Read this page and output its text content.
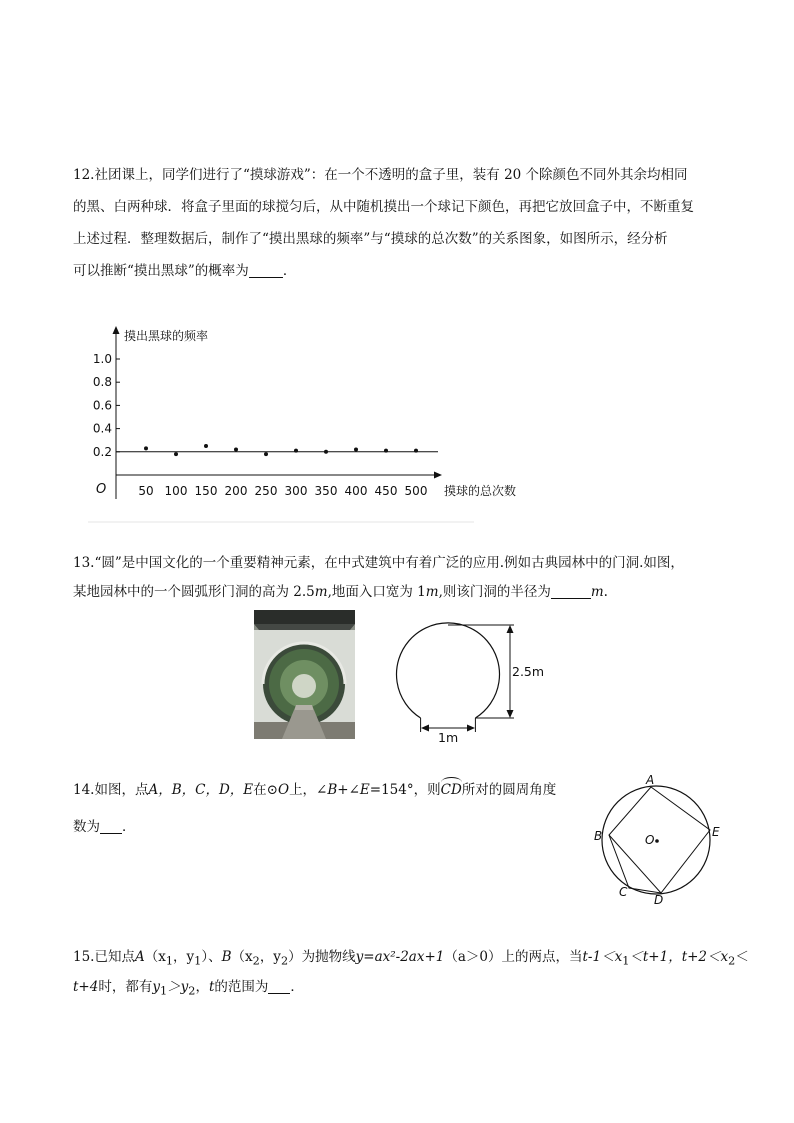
12.社团课上，同学们进行了“摸球游戏”：在一个不透明的盒子里，装有 20 个除颜色不同外其余均相同
的黑、白两种球．将盒子里面的球搅匀后，从中随机摸出一个球记下颜色，再把它放回盒子中，不断重复
上述过程．整理数据后，制作了“摸出黑球的频率”与“摸球的总次数”的关系图象，如图所示，经分析
可以推断“摸出黑球”的概率为	．
摸出黑球的频率
摸球的总次数
O
0.2
0.4
0.6
0.8
1.0
50 100 150 200 250 300 350 400 450 500
13.“圆”是中国文化的一个重要精神元素，在中式建筑中有着广泛的应用.例如古典园林中的门洞.如图，
某地园林中的一个圆弧形门洞的高为 2.5m,地面入口宽为 1m,则该门洞的半径为	m.
2.5m
1m
14.如图，点A，B，C，D，E在⊙O上，∠B+∠E=154°，则
CD所对的圆周角度
数为 ．
A
B
C
D
E
O
15.已知点$A(x_1$，$y_1$）、$B(x_2$，$y_2$）为抛物线y=ax²-2ax+1（a＞0）上的两点，当$t-1<x_1<t+1$，$t+2<x_2<$
t+4时，都有$y_1>y_2$，t的范围为 ．
